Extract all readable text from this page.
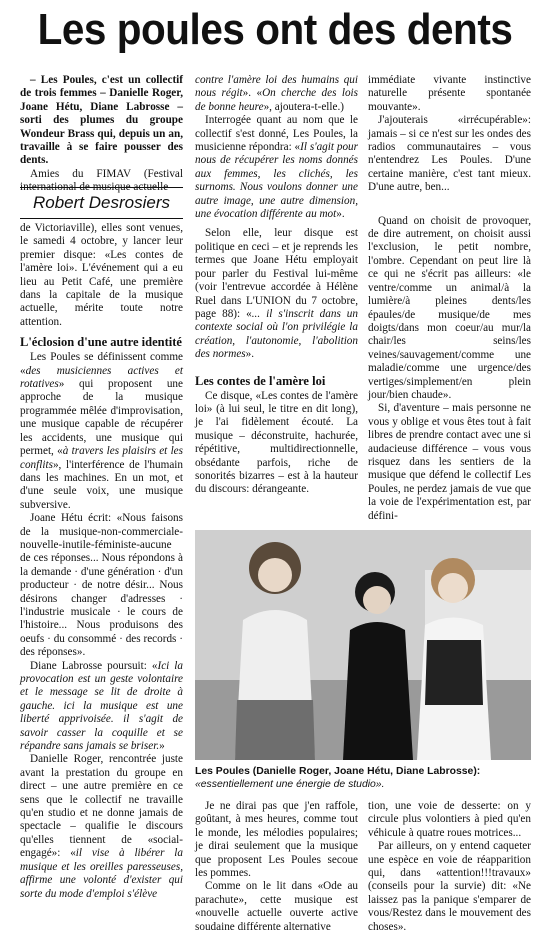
Les poules ont des dents

– Les Poules, c'est un collectif de trois femmes – Danielle Roger, Joane Hétu, Diane Labrosse – sorti des plumes du groupe Wondeur Brass qui, depuis un an, travaille à se faire pousser des dents.

Amies du FIMAV (Festival international de musique actuelle

Robert Desrosiers

de Victoriaville), elles sont venues, le samedi 4 octobre, y lancer leur premier disque: «Les contes de l'amère loi». L'événement qui a eu lieu au Petit Café, une première dans la capitale de la musique actuelle, mérite toute notre attention.

L'éclosion d'une autre identité

Les Poules se définissent comme «des musiciennes actives et rotatives» qui proposent une approche de la musique programmée mêlée d'improvisation, une musique capable de récupérer les accidents, une musique qui permet, «à travers les plaisirs et les conflits», l'interférence de l'humain dans les machines. En un mot, et d'une seule voix, une musique subversive.

Joane Hétu écrit: «Nous faisons de la musique-non-commerciale-nouvelle-inutile-féministe-aucune de ces réponses... Nous répondons à la demande · d'une génération · d'un producteur · de notre désir... Nous désirons changer d'adresses · l'industrie musicale · le cours de l'histoire... Nous produisons des oeufs · du consommé · des records · des réponses».

Diane Labrosse poursuit: «Ici la provocation est un geste volontaire et le message se lit de droite à gauche. ici la musique est une liberté apprivoisée. il s'agit de savoir casser la coquille et se répandre sans jamais se briser.»

Danielle Roger, rencontrée juste avant la prestation du groupe en direct – une autre première en ce sens que le collectif ne travaille qu'en studio et ne donne jamais de spectacle – qualifie le discours qu'elles tiennent de «social-engagé»: «il vise à libérer la musique et les oreilles paresseuses, affirme une volonté d'exister qui sorte du mode d'emploi s'élève

contre l'amère loi des humains qui nous régit». «On cherche des lois de bonne heure», ajoutera-t-elle.)

Interrogée quant au nom que le collectif s'est donné, Les Poules, la musicienne répondra: «Il s'agit pour nous de récupérer les noms donnés aux femmes, les clichés, les surnoms. Nous voulons donner une autre image, une autre dimension, une évocation différente au mot».

Selon elle, leur disque est politique en ceci – et je reprends les termes que Joane Hétu employait pour parler du Festival lui-même (voir l'entrevue accordée à Hélène Ruel dans L'UNION du 7 octobre, page 88): «... il s'inscrit dans un contexte social où l'on privilégie la création, l'autonomie, l'abolition des normes».

Les contes de l'amère loi

Ce disque, «Les contes de l'amère loi» (à lui seul, le titre en dit long), je l'ai fidèlement écouté. La musique – déconstruite, hachurée, répétitive, multidirectionnelle, obsédante parfois, riche de sonorités bizarres – est à la hauteur du discours: dérangeante.

immédiate vivante instinctive naturelle présente spontanée mouvante».

J'ajouterais «irrécupérable»: jamais – si ce n'est sur les ondes des radios communautaires – vous n'entendrez Les Poules. D'une certaine manière, c'est tant mieux. D'une autre, ben...

Quand on choisit de provoquer, de dire autrement, on choisit aussi l'exclusion, le petit nombre, l'ombre. Cependant on peut lire là ce qui ne s'écrit pas ailleurs: «le ventre/comme un animal/à la lumière/à pleines dents/les épaules/de musique/de mes doigts/dans mon coeur/au mur/la chair/les seins/les veines/sauvagement/comme une maladie/comme une urgence/des vertiges/simplement/en plein jour/bien chaude».

Si, d'aventure – mais personne ne vous y oblige et vous êtes tout à fait libres de prendre contact avec une si audacieuse différence – vous vous risquez dans les sentiers de la musique que défend le collectif Les Poules, ne perdez jamais de vue que la voie de l'expérimentation est, par défini-

Les Poules (Danielle Roger, Joane Hétu, Diane Labrosse): «essentiellement une énergie de studio».

Je ne dirai pas que j'en raffole, goûtant, à mes heures, comme tout le monde, les mélodies populaires; je dirai seulement que la musique que proposent Les Poules secoue les pommes.

Comme on le lit dans «Ode au parachute», cette musique est «nouvelle actuelle ouverte active soudaine différente alternative

tion, une voie de desserte: on y circule plus volontiers à pied qu'en véhicule à quatre roues motrices...

Par ailleurs, on y entend caqueter une espèce en voie de réapparition qui, dans «attention!!!travaux» (conseils pour la survie) dit: «Ne laissez pas la panique s'emparer de vous/Restez dans le mouvement des choses».
